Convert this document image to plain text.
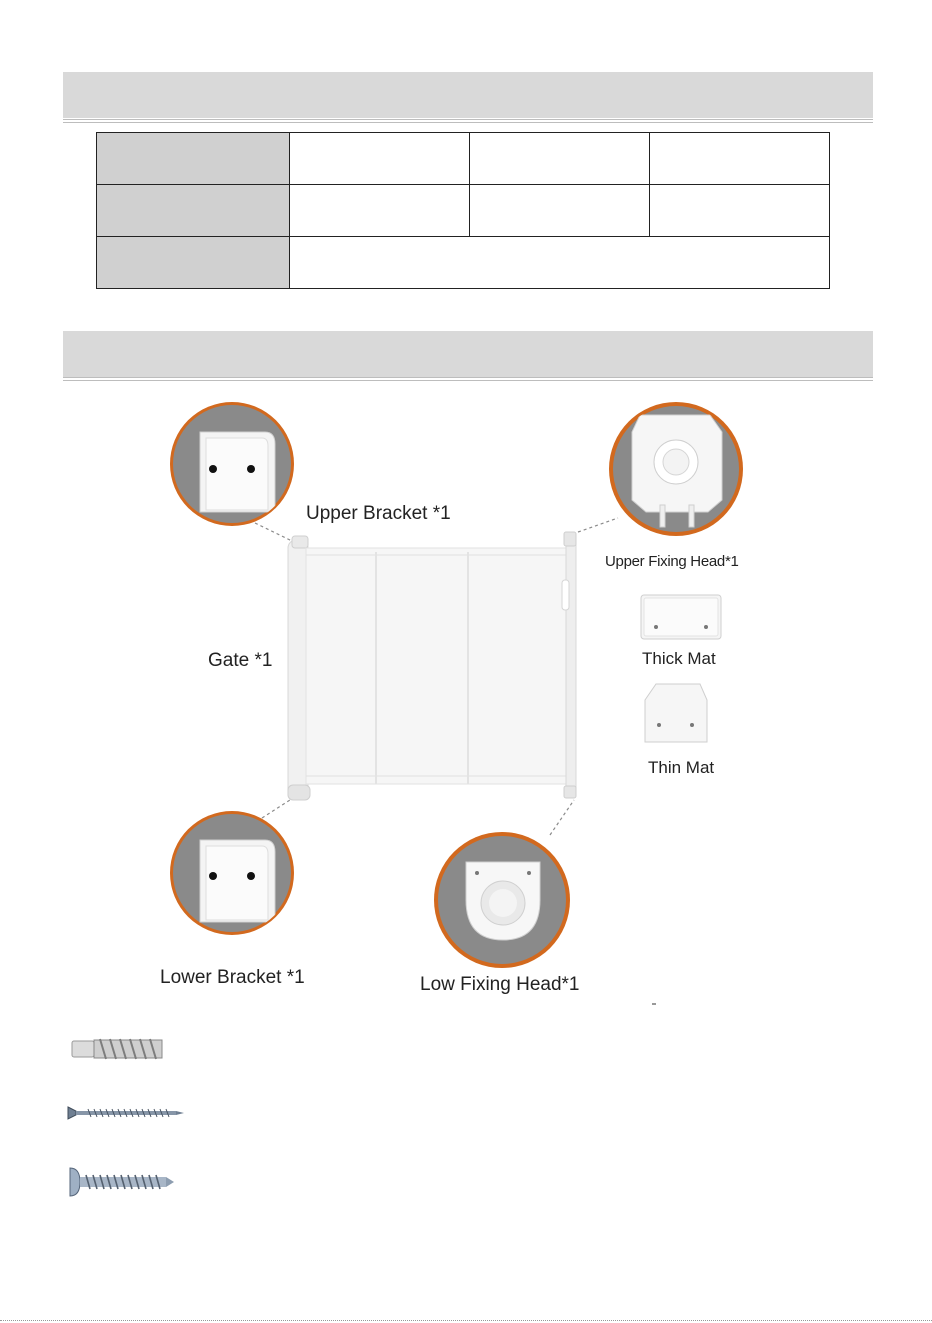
Upper Bracket *1
Upper Fixing Head*1
Thick Mat
Gate *1
Thin Mat
Lower Bracket *1	Low Fixing Head*1
